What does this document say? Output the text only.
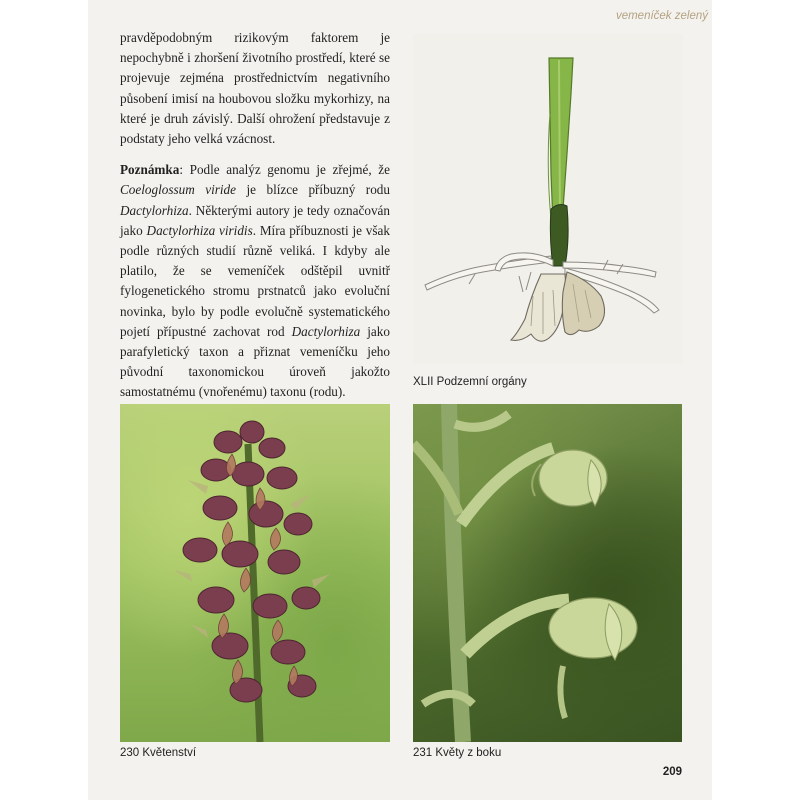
vemeníček zelený

pravděpodobným rizikovým faktorem je nepochybně i zhoršení životního prostředí, které se projevuje zejména prostřednictvím negativního působení imisí na houbovou složku mykorhizy, na které je druh závislý. Další ohrožení představuje z podstaty jeho velká vzácnost.

Poznámka: Podle analýz genomu je zřejmé, že Coeloglossum viride je blízce příbuzný rodu Dactylorhiza. Některými autory je tedy označován jako Dactylorhiza viridis. Míra příbuznosti je však podle různých studií různě veliká. I kdyby ale platilo, že se vemeníček odštěpil uvnitř fylogenetického stromu prstnatců jako evoluční novinka, bylo by podle evolučně systematického pojetí přípustné zachovat rod Dactylorhiza jako parafyletický taxon a přiznat vemeníčku jeho původní taxonomickou úroveň jakožto samostatnému (vnořenému) taxonu (rodu).

XLII Podzemní orgány
230 Květenství	231 Květy z boku
209
